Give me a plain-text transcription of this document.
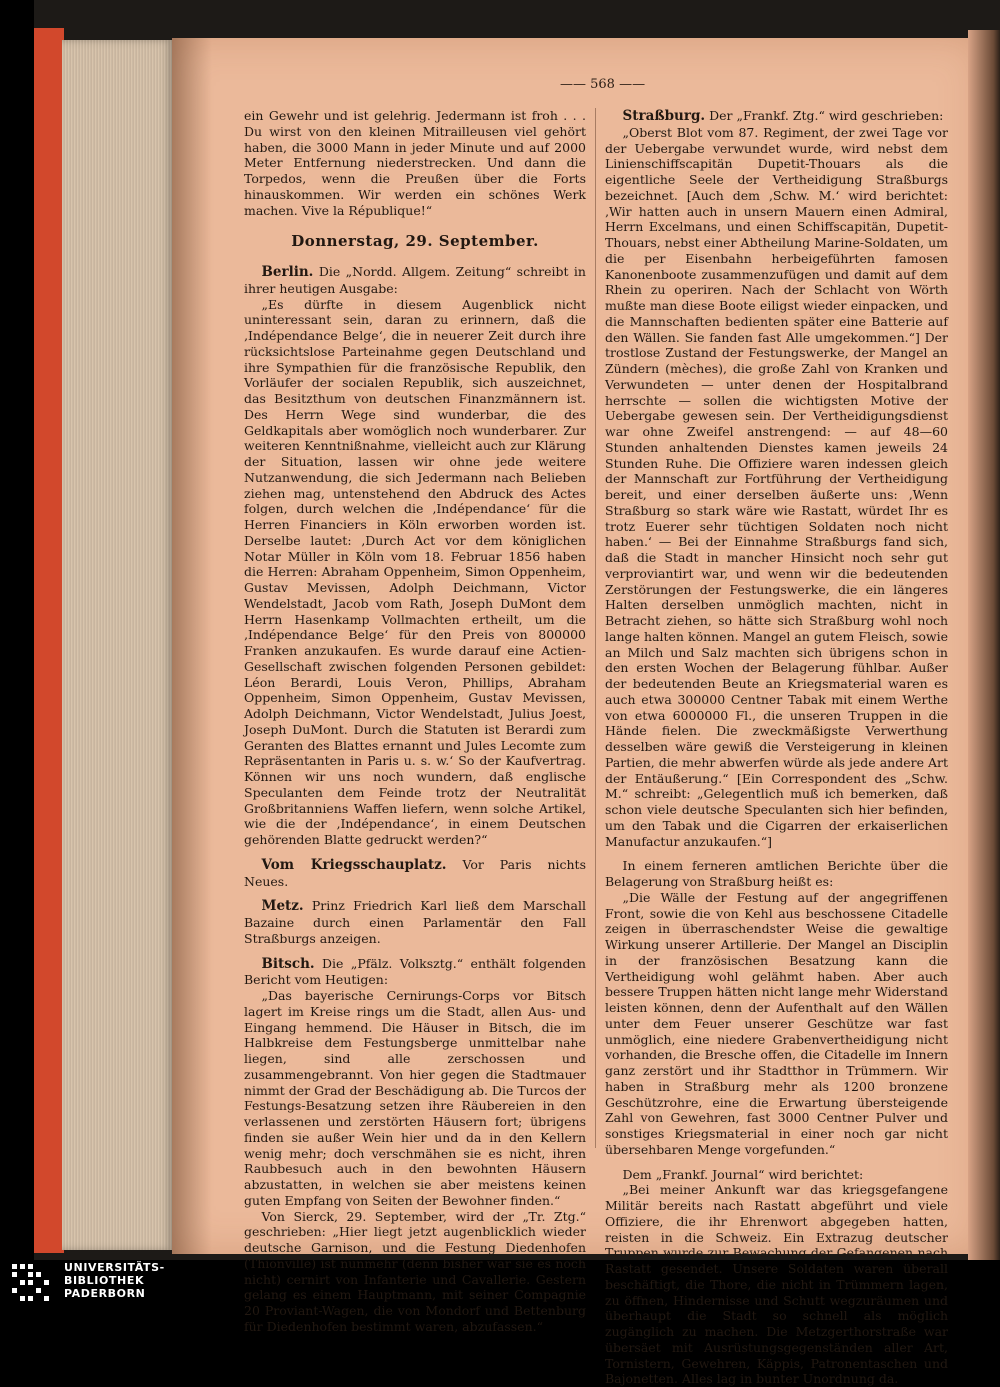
—— 568 ——

ein Gewehr und ist gelehrig. Jedermann ist froh . . . Du wirst von den kleinen Mitrailleusen viel gehört haben, die 3000 Mann in jeder Minute und auf 2000 Meter Entfernung niederstrecken. Und dann die Torpedos, wenn die Preußen über die Forts hinauskommen. Wir werden ein schönes Werk machen. Vive la République!“

Donnerstag, 29. September.

Berlin. Die „Nordd. Allgem. Zeitung“ schreibt in ihrer heutigen Ausgabe:

„Es dürfte in diesem Augenblick nicht uninteressant sein, daran zu erinnern, daß die ‚Indépendance Belge‘, die in neuerer Zeit durch ihre rücksichtslose Parteinahme gegen Deutschland und ihre Sympathien für die französische Republik, den Vorläufer der socialen Republik, sich auszeichnet, das Besitzthum von deutschen Finanzmännern ist. Des Herrn Wege sind wunderbar, die des Geldkapitals aber womöglich noch wunderbarer. Zur weiteren Kenntnißnahme, vielleicht auch zur Klärung der Situation, lassen wir ohne jede weitere Nutzanwendung, die sich Jedermann nach Belieben ziehen mag, untenstehend den Abdruck des Actes folgen, durch welchen die ‚Indépendance‘ für die Herren Financiers in Köln erworben worden ist. Derselbe lautet: ‚Durch Act vor dem königlichen Notar Müller in Köln vom 18. Februar 1856 haben die Herren: Abraham Oppenheim, Simon Oppenheim, Gustav Mevissen, Adolph Deichmann, Victor Wendelstadt, Jacob vom Rath, Joseph DuMont dem Herrn Hasenkamp Vollmachten ertheilt, um die ‚Indépendance Belge‘ für den Preis von 800000 Franken anzukaufen. Es wurde darauf eine Actien-Gesellschaft zwischen folgenden Personen gebildet: Léon Berardi, Louis Veron, Phillips, Abraham Oppenheim, Simon Oppenheim, Gustav Mevissen, Adolph Deichmann, Victor Wendelstadt, Julius Joest, Joseph DuMont. Durch die Statuten ist Berardi zum Geranten des Blattes ernannt und Jules Lecomte zum Repräsentanten in Paris u. s. w.‘ So der Kaufvertrag. Können wir uns noch wundern, daß englische Speculanten dem Feinde trotz der Neutralität Großbritanniens Waffen liefern, wenn solche Artikel, wie die der ‚Indépendance‘, in einem Deutschen gehörenden Blatte gedruckt werden?“

Vom Kriegsschauplatz. Vor Paris nichts Neues.

Metz. Prinz Friedrich Karl ließ dem Marschall Bazaine durch einen Parlamentär den Fall Straßburgs anzeigen.

Bitsch. Die „Pfälz. Volksztg.“ enthält folgenden Bericht vom Heutigen:

„Das bayerische Cernirungs-Corps vor Bitsch lagert im Kreise rings um die Stadt, allen Aus- und Eingang hemmend. Die Häuser in Bitsch, die im Halbkreise dem Festungsberge unmittelbar nahe liegen, sind alle zerschossen und zusammengebrannt. Von hier gegen die Stadtmauer nimmt der Grad der Beschädigung ab. Die Turcos der Festungs-Besatzung setzen ihre Räubereien in den verlassenen und zerstörten Häusern fort; übrigens finden sie außer Wein hier und da in den Kellern wenig mehr; doch verschmähen sie es nicht, ihren Raubbesuch auch in den bewohnten Häusern abzustatten, in welchen sie aber meistens keinen guten Empfang von Seiten der Bewohner finden.“

Von Sierck, 29. September, wird der „Tr. Ztg.“ geschrieben: „Hier liegt jetzt augenblicklich wieder deutsche Garnison, und die Festung Diedenhofen (Thionville) ist nunmehr (denn bisher war sie es noch nicht) cernirt von Infanterie und Cavallerie. Gestern gelang es einem Hauptmann, mit seiner Compagnie 20 Proviant-Wagen, die von Mondorf und Bettenburg für Diedenhofen bestimmt waren, abzufassen.“

Straßburg. Der „Frankf. Ztg.“ wird geschrieben:

„Oberst Blot vom 87. Regiment, der zwei Tage vor der Uebergabe verwundet wurde, wird nebst dem Linienschiffscapitän Dupetit-Thouars als die eigentliche Seele der Vertheidigung Straßburgs bezeichnet. [Auch dem ‚Schw. M.‘ wird berichtet: ‚Wir hatten auch in unsern Mauern einen Admiral, Herrn Excelmans, und einen Schiffscapitän, Dupetit-Thouars, nebst einer Abtheilung Marine-Soldaten, um die per Eisenbahn herbeigeführten famosen Kanonenboote zusammenzufügen und damit auf dem Rhein zu operiren. Nach der Schlacht von Wörth mußte man diese Boote eiligst wieder einpacken, und die Mannschaften bedienten später eine Batterie auf den Wällen. Sie fanden fast Alle umgekommen.“] Der trostlose Zustand der Festungswerke, der Mangel an Zündern (mèches), die große Zahl von Kranken und Verwundeten — unter denen der Hospitalbrand herrschte — sollen die wichtigsten Motive der Uebergabe gewesen sein. Der Vertheidigungsdienst war ohne Zweifel anstrengend: — auf 48—60 Stunden anhaltenden Dienstes kamen jeweils 24 Stunden Ruhe. Die Offiziere waren indessen gleich der Mannschaft zur Fortführung der Vertheidigung bereit, und einer derselben äußerte uns: ‚Wenn Straßburg so stark wäre wie Rastatt, würdet Ihr es trotz Euerer sehr tüchtigen Soldaten noch nicht haben.‘ — Bei der Einnahme Straßburgs fand sich, daß die Stadt in mancher Hinsicht noch sehr gut verproviantirt war, und wenn wir die bedeutenden Zerstörungen der Festungswerke, die ein längeres Halten derselben unmöglich machten, nicht in Betracht ziehen, so hätte sich Straßburg wohl noch lange halten können. Mangel an gutem Fleisch, sowie an Milch und Salz machten sich übrigens schon in den ersten Wochen der Belagerung fühlbar. Außer der bedeutenden Beute an Kriegsmaterial waren es auch etwa 300000 Centner Tabak mit einem Werthe von etwa 6000000 Fl., die unseren Truppen in die Hände fielen. Die zweckmäßigste Verwerthung desselben wäre gewiß die Versteigerung in kleinen Partien, die mehr abwerfen würde als jede andere Art der Entäußerung.“ [Ein Correspondent des „Schw. M.“ schreibt: „Gelegentlich muß ich bemerken, daß schon viele deutsche Speculanten sich hier befinden, um den Tabak und die Cigarren der erkaiserlichen Manufactur anzukaufen.“]

In einem ferneren amtlichen Berichte über die Belagerung von Straßburg heißt es:

„Die Wälle der Festung auf der angegriffenen Front, sowie die von Kehl aus beschossene Citadelle zeigen in überraschendster Weise die gewaltige Wirkung unserer Artillerie. Der Mangel an Disciplin in der französischen Besatzung kann die Vertheidigung wohl gelähmt haben. Aber auch bessere Truppen hätten nicht lange mehr Widerstand leisten können, denn der Aufenthalt auf den Wällen unter dem Feuer unserer Geschütze war fast unmöglich, eine niedere Grabenvertheidigung nicht vorhanden, die Bresche offen, die Citadelle im Innern ganz zerstört und ihr Stadtthor in Trümmern. Wir haben in Straßburg mehr als 1200 bronzene Geschützrohre, eine die Erwartung übersteigende Zahl von Gewehren, fast 3000 Centner Pulver und sonstiges Kriegsmaterial in einer noch gar nicht übersehbaren Menge vorgefunden.“

Dem „Frankf. Journal“ wird berichtet:

„Bei meiner Ankunft war das kriegsgefangene Militär bereits nach Rastatt abgeführt und viele Offiziere, die ihr Ehrenwort abgegeben hatten, reisten in die Schweiz. Ein Extrazug deutscher Truppen wurde zur Bewachung der Gefangenen nach Rastatt gesendet. Unsere Soldaten waren überall beschäftigt, die Thore, die nicht in Trümmern lagen, zu öffnen, Hindernisse und Schutt wegzuräumen und überhaupt die Stadt so schnell als möglich zugänglich zu machen. Die Metzgerthorstraße war übersäet mit Ausrüstungsgegenständen aller Art, Tornistern, Gewehren, Käppis, Patronentaschen und Bajonetten. Alles lag in bunter Unordnung da.

UNIVERSITÄTS-
BIBLIOTHEK
PADERBORN
